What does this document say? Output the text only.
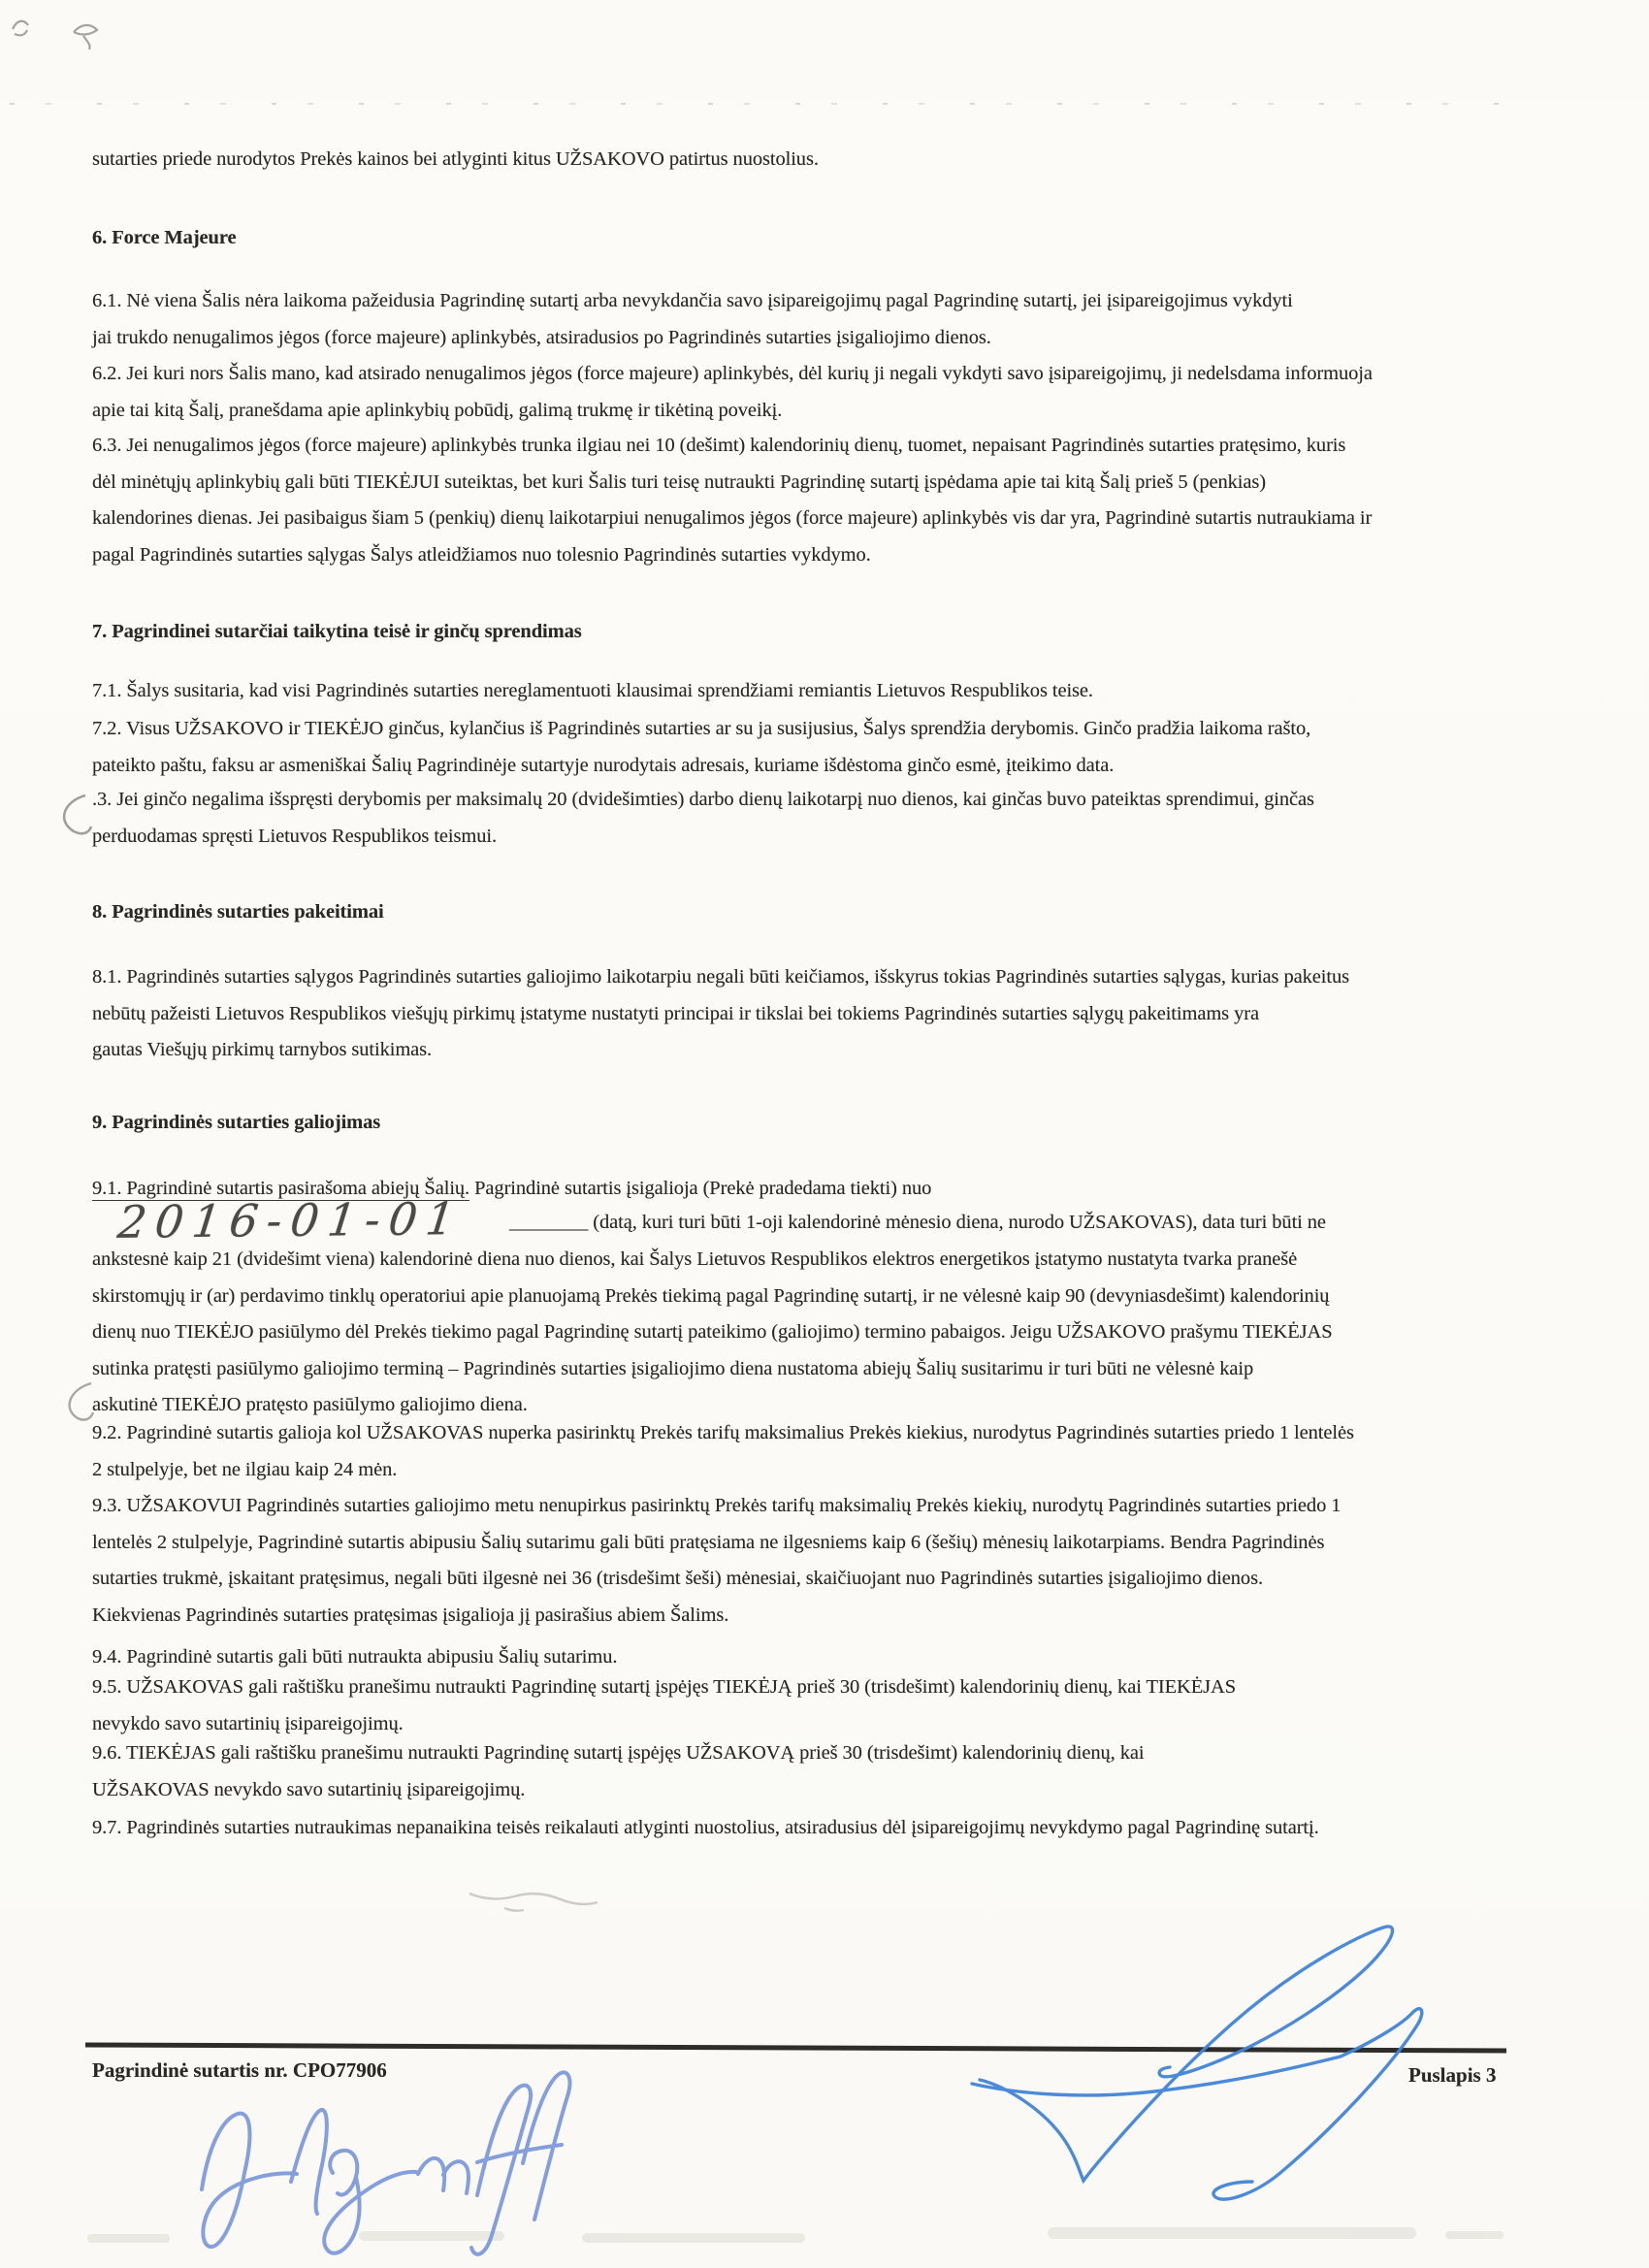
sutarties priede nurodytos Prekės kainos bei atlyginti kitus UŽSAKOVO patirtus nuostolius.
6. Force Majeure
6.1. Nė viena Šalis nėra laikoma pažeidusia Pagrindinę sutartį arba nevykdančia savo įsipareigojimų pagal Pagrindinę sutartį, jei įsipareigojimus vykdyti
jai trukdo nenugalimos jėgos (force majeure) aplinkybės, atsiradusios po Pagrindinės sutarties įsigaliojimo dienos.
6.2. Jei kuri nors Šalis mano, kad atsirado nenugalimos jėgos (force majeure) aplinkybės, dėl kurių ji negali vykdyti savo įsipareigojimų, ji nedelsdama informuoja
apie tai kitą Šalį, pranešdama apie aplinkybių pobūdį, galimą trukmę ir tikėtiną poveikį.
6.3. Jei nenugalimos jėgos (force majeure) aplinkybės trunka ilgiau nei 10 (dešimt) kalendorinių dienų, tuomet, nepaisant Pagrindinės sutarties pratęsimo, kuris
dėl minėtųjų aplinkybių gali būti TIEKĖJUI suteiktas, bet kuri Šalis turi teisę nutraukti Pagrindinę sutartį įspėdama apie tai kitą Šalį prieš 5 (penkias)
kalendorines dienas. Jei pasibaigus šiam 5 (penkių) dienų laikotarpiui nenugalimos jėgos (force majeure) aplinkybės vis dar yra, Pagrindinė sutartis nutraukiama ir
pagal Pagrindinės sutarties sąlygas Šalys atleidžiamos nuo tolesnio Pagrindinės sutarties vykdymo.
7. Pagrindinei sutarčiai taikytina teisė ir ginčų sprendimas
7.1. Šalys susitaria, kad visi Pagrindinės sutarties nereglamentuoti klausimai sprendžiami remiantis Lietuvos Respublikos teise.
7.2. Visus UŽSAKOVO ir TIEKĖJO ginčus, kylančius iš Pagrindinės sutarties ar su ja susijusius, Šalys sprendžia derybomis. Ginčo pradžia laikoma rašto,
pateikto paštu, faksu ar asmeniškai Šalių Pagrindinėje sutartyje nurodytais adresais, kuriame išdėstoma ginčo esmė, įteikimo data.
.3. Jei ginčo negalima išspręsti derybomis per maksimalų 20 (dvidešimties) darbo dienų laikotarpį nuo dienos, kai ginčas buvo pateiktas sprendimui, ginčas
perduodamas spręsti Lietuvos Respublikos teismui.
8. Pagrindinės sutarties pakeitimai
8.1. Pagrindinės sutarties sąlygos Pagrindinės sutarties galiojimo laikotarpiu negali būti keičiamos, išskyrus tokias Pagrindinės sutarties sąlygas, kurias pakeitus
nebūtų pažeisti Lietuvos Respublikos viešųjų pirkimų įstatyme nustatyti principai ir tikslai bei tokiems Pagrindinės sutarties sąlygų pakeitimams yra
gautas Viešųjų pirkimų tarnybos sutikimas.
9. Pagrindinės sutarties galiojimas
9.1. Pagrindinė sutartis pasirašoma abiejų Šalių. Pagrindinė sutartis įsigalioja (Prekė pradedama tiekti) nuo
2016-01-01	________ (datą, kuri turi būti 1-oji kalendorinė mėnesio diena, nurodo UŽSAKOVAS), data turi būti ne
ankstesnė kaip 21 (dvidešimt viena) kalendorinė diena nuo dienos, kai Šalys Lietuvos Respublikos elektros energetikos įstatymo nustatyta tvarka pranešė
skirstomųjų ir (ar) perdavimo tinklų operatoriui apie planuojamą Prekės tiekimą pagal Pagrindinę sutartį, ir ne vėlesnė kaip 90 (devyniasdešimt) kalendorinių
dienų nuo TIEKĖJO pasiūlymo dėl Prekės tiekimo pagal Pagrindinę sutartį pateikimo (galiojimo) termino pabaigos. Jeigu UŽSAKOVO prašymu TIEKĖJAS
sutinka pratęsti pasiūlymo galiojimo terminą – Pagrindinės sutarties įsigaliojimo diena nustatoma abiejų Šalių susitarimu ir turi būti ne vėlesnė kaip
askutinė TIEKĖJO pratęsto pasiūlymo galiojimo diena.
9.2. Pagrindinė sutartis galioja kol UŽSAKOVAS nuperka pasirinktų Prekės tarifų maksimalius Prekės kiekius, nurodytus Pagrindinės sutarties priedo 1 lentelės
2 stulpelyje, bet ne ilgiau kaip 24 mėn.
9.3. UŽSAKOVUI Pagrindinės sutarties galiojimo metu nenupirkus pasirinktų Prekės tarifų maksimalių Prekės kiekių, nurodytų Pagrindinės sutarties priedo 1
lentelės 2 stulpelyje, Pagrindinė sutartis abipusiu Šalių sutarimu gali būti pratęsiama ne ilgesniems kaip 6 (šešių) mėnesių laikotarpiams. Bendra Pagrindinės
sutarties trukmė, įskaitant pratęsimus, negali būti ilgesnė nei 36 (trisdešimt šeši) mėnesiai, skaičiuojant nuo Pagrindinės sutarties įsigaliojimo dienos.
Kiekvienas Pagrindinės sutarties pratęsimas įsigalioja jį pasirašius abiem Šalims.
9.4. Pagrindinė sutartis gali būti nutraukta abipusiu Šalių sutarimu.
9.5. UŽSAKOVAS gali raštišku pranešimu nutraukti Pagrindinę sutartį įspėjęs TIEKĖJĄ prieš 30 (trisdešimt) kalendorinių dienų, kai TIEKĖJAS
nevykdo savo sutartinių įsipareigojimų.
9.6. TIEKĖJAS gali raštišku pranešimu nutraukti Pagrindinę sutartį įspėjęs UŽSAKOVĄ prieš 30 (trisdešimt) kalendorinių dienų, kai
UŽSAKOVAS nevykdo savo sutartinių įsipareigojimų.
9.7. Pagrindinės sutarties nutraukimas nepanaikina teisės reikalauti atlyginti nuostolius, atsiradusius dėl įsipareigojimų nevykdymo pagal Pagrindinę sutartį.
Pagrindinė sutartis nr. CPO77906	Puslapis 3
